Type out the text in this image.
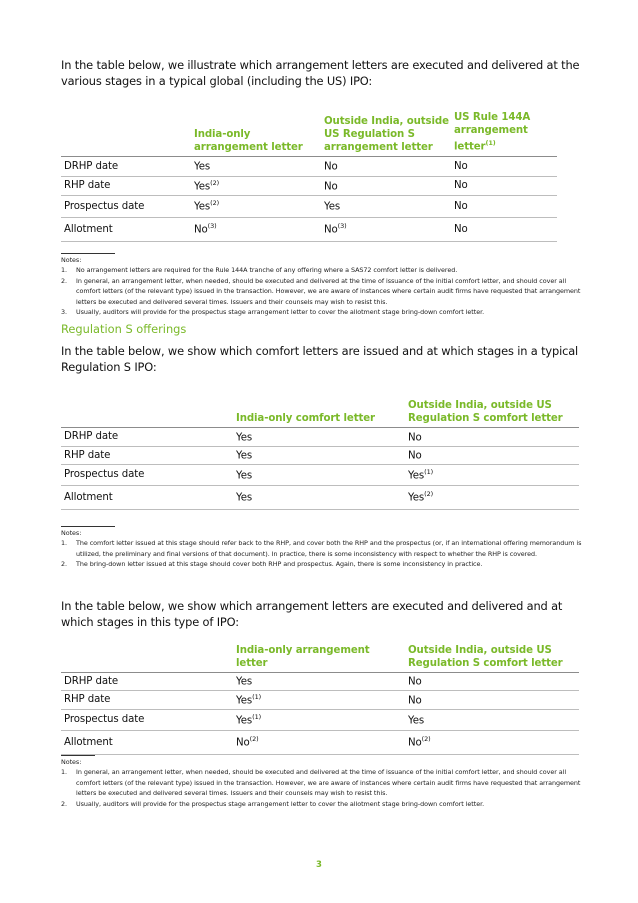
In the table below, we illustrate which arrangement letters are executed and delivered at the various stages in a typical global (including the US) IPO:

	India-only arrangement letter	Outside India, outside US Regulation S arrangement letter	US Rule 144A arrangement letter$^{(1)}$
DRHP date	Yes	No	No
RHP date	Yes$^{(2)}$	No	No
Prospectus date	Yes$^{(2)}$	Yes	No
Allotment	No$^{(3)}$	No$^{(3)}$	No
Notes:
1. No arrangement letters are required for the Rule 144A tranche of any offering where a SAS72 comfort letter is delivered.
2. In general, an arrangement letter, when needed, should be executed and delivered at the time of issuance of the initial comfort letter, and should cover all comfort letters (of the relevant type) issued in the transaction. However, we are aware of instances where certain audit firms have requested that arrangement letters be executed and delivered several times. Issuers and their counsels may wish to resist this.
3. Usually, auditors will provide for the prospectus stage arrangement letter to cover the allotment stage bring-down comfort letter.
Regulation S offerings

In the table below, we show which comfort letters are issued and at which stages in a typical Regulation S IPO:

	India-only comfort letter	Outside India, outside US Regulation S comfort letter
DRHP date	Yes	No
RHP date	Yes	No
Prospectus date	Yes	Yes$^{(1)}$
Allotment	Yes	Yes$^{(2)}$
Notes:
1. The comfort letter issued at this stage should refer back to the RHP, and cover both the RHP and the prospectus (or, if an international offering memorandum is utilized, the preliminary and final versions of that document). In practice, there is some inconsistency with respect to whether the RHP is covered.
2. The bring-down letter issued at this stage should cover both RHP and prospectus. Again, there is some inconsistency in practice.

In the table below, we show which arrangement letters are executed and delivered and at which stages in this type of IPO:

	India-only arrangement letter	Outside India, outside US Regulation S comfort letter
DRHP date	Yes	No
RHP date	Yes$^{(1)}$	No
Prospectus date	Yes$^{(1)}$	Yes
Allotment	No$^{(2)}$	No$^{(2)}$
Notes:
1. In general, an arrangement letter, when needed, should be executed and delivered at the time of issuance of the initial comfort letter, and should cover all comfort letters (of the relevant type) issued in the transaction. However, we are aware of instances where certain audit firms have requested that arrangement letters be executed and delivered several times. Issuers and their counsels may wish to resist this.
2. Usually, auditors will provide for the prospectus stage arrangement letter to cover the allotment stage bring-down comfort letter.
3
